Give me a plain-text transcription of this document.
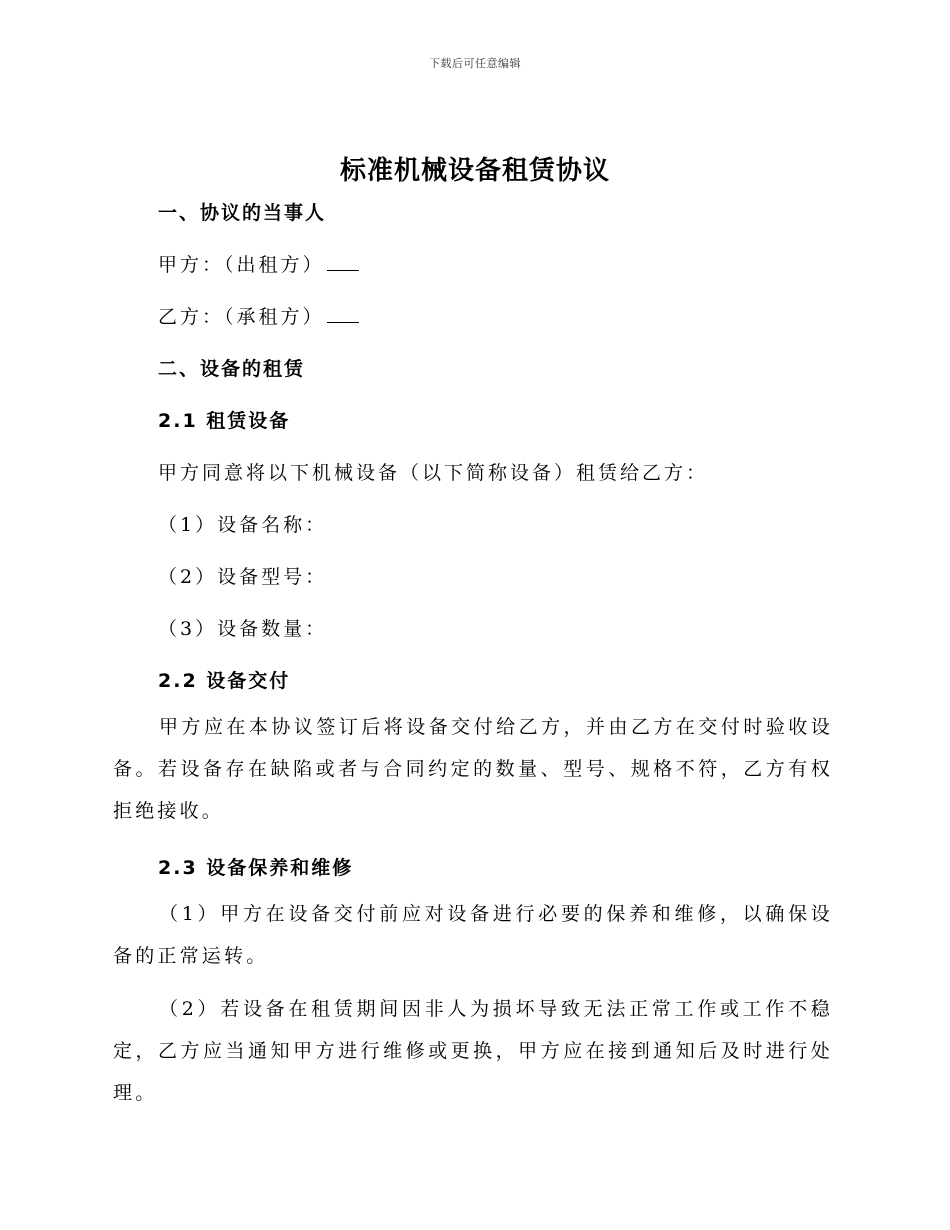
下载后可任意编辑
标准机械设备租赁协议
一、协议的当事人
甲方：（出租方）
乙方：（承租方）
二、设备的租赁
2.1 租赁设备
甲方同意将以下机械设备（以下简称设备）租赁给乙方：
（1）设备名称：
（2）设备型号：
（3）设备数量：
2.2 设备交付
甲方应在本协议签订后将设备交付给乙方，并由乙方在交付时验收设备。若设备存在缺陷或者与合同约定的数量、型号、规格不符，乙方有权拒绝接收。
2.3 设备保养和维修
（1）甲方在设备交付前应对设备进行必要的保养和维修，以确保设备的正常运转。
（2）若设备在租赁期间因非人为损坏导致无法正常工作或工作不稳定，乙方应当通知甲方进行维修或更换，甲方应在接到通知后及时进行处理。
